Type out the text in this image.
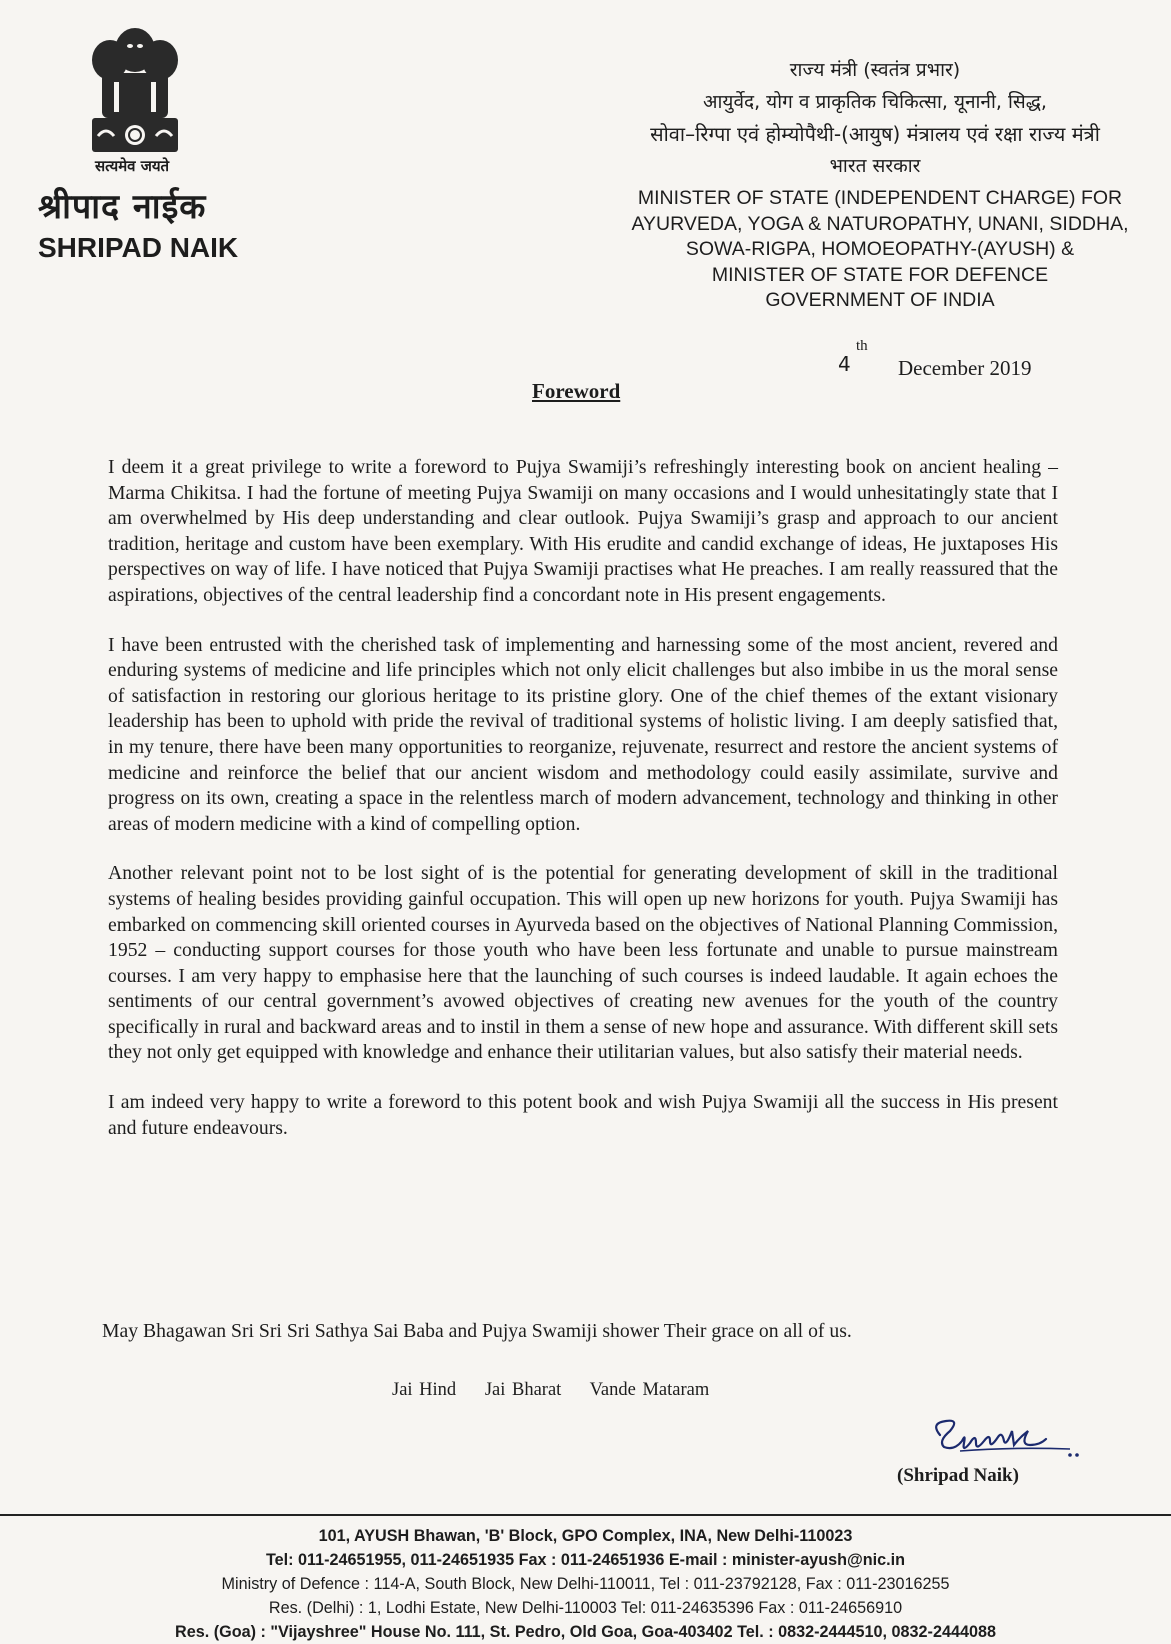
सत्यमेव जयते
श्रीपाद नाईक
SHRIPAD NAIK
राज्य मंत्री (स्वतंत्र प्रभार)
आयुर्वेद, योग व प्राकृतिक चिकित्सा, यूनानी, सिद्ध,
सोवा–रिग्पा एवं होम्योपैथी-(आयुष) मंत्रालय एवं रक्षा राज्य मंत्री
भारत सरकार
MINISTER OF STATE (INDEPENDENT CHARGE) FOR
AYURVEDA, YOGA & NATUROPATHY, UNANI, SIDDHA,
SOWA-RIGPA, HOMOEOPATHY-(AYUSH) &
MINISTER OF STATE FOR DEFENCE
GOVERNMENT OF INDIA
4
th
December 2019
Foreword

I deem it a great privilege to write a foreword to Pujya Swamiji’s refreshingly interesting book on ancient healing – Marma Chikitsa. I had the fortune of meeting Pujya Swamiji on many occasions and I would unhesitatingly state that I am overwhelmed by His deep understanding and clear outlook. Pujya Swamiji’s grasp and approach to our ancient tradition, heritage and custom have been exemplary. With His erudite and candid exchange of ideas, He juxtaposes His perspectives on way of life. I have noticed that Pujya Swamiji practises what He preaches. I am really reassured that the aspirations, objectives of the central leadership find a concordant note in His present engagements.

I have been entrusted with the cherished task of implementing and harnessing some of the most ancient, revered and enduring systems of medicine and life principles which not only elicit challenges but also imbibe in us the moral sense of satisfaction in restoring our glorious heritage to its pristine glory. One of the chief themes of the extant visionary leadership has been to uphold with pride the revival of traditional systems of holistic living. I am deeply satisfied that, in my tenure, there have been many opportunities to reorganize, rejuvenate, resurrect and restore the ancient systems of medicine and reinforce the belief that our ancient wisdom and methodology could easily assimilate, survive and progress on its own, creating a space in the relentless march of modern advancement, technology and thinking in other areas of modern medicine with a kind of compelling option.

Another relevant point not to be lost sight of is the potential for generating development of skill in the traditional systems of healing besides providing gainful occupation. This will open up new horizons for youth. Pujya Swamiji has embarked on commencing skill oriented courses in Ayurveda based on the objectives of National Planning Commission, 1952 – conducting support courses for those youth who have been less fortunate and unable to pursue mainstream courses. I am very happy to emphasise here that the launching of such courses is indeed laudable. It again echoes the sentiments of our central government’s avowed objectives of creating new avenues for the youth of the country specifically in rural and backward areas and to instil in them a sense of new hope and assurance. With different skill sets they not only get equipped with knowledge and enhance their utilitarian values, but also satisfy their material needs.

I am indeed very happy to write a foreword to this potent book and wish Pujya Swamiji all the success in His present and future endeavours.

May Bhagawan Sri Sri Sri Sathya Sai Baba and Pujya Swamiji shower Their grace on all of us.
Jai Hind Jai Bharat Vande Mataram
(Shripad Naik)
101, AYUSH Bhawan, 'B' Block, GPO Complex, INA, New Delhi-110023
Tel: 011-24651955, 011-24651935 Fax : 011-24651936 E-mail : minister-ayush@nic.in
Ministry of Defence : 114-A, South Block, New Delhi-110011, Tel : 011-23792128, Fax : 011-23016255
Res. (Delhi) : 1, Lodhi Estate, New Delhi-110003 Tel: 011-24635396 Fax : 011-24656910
Res. (Goa) : "Vijayshree" House No. 111, St. Pedro, Old Goa, Goa-403402 Tel. : 0832-2444510, 0832-2444088
